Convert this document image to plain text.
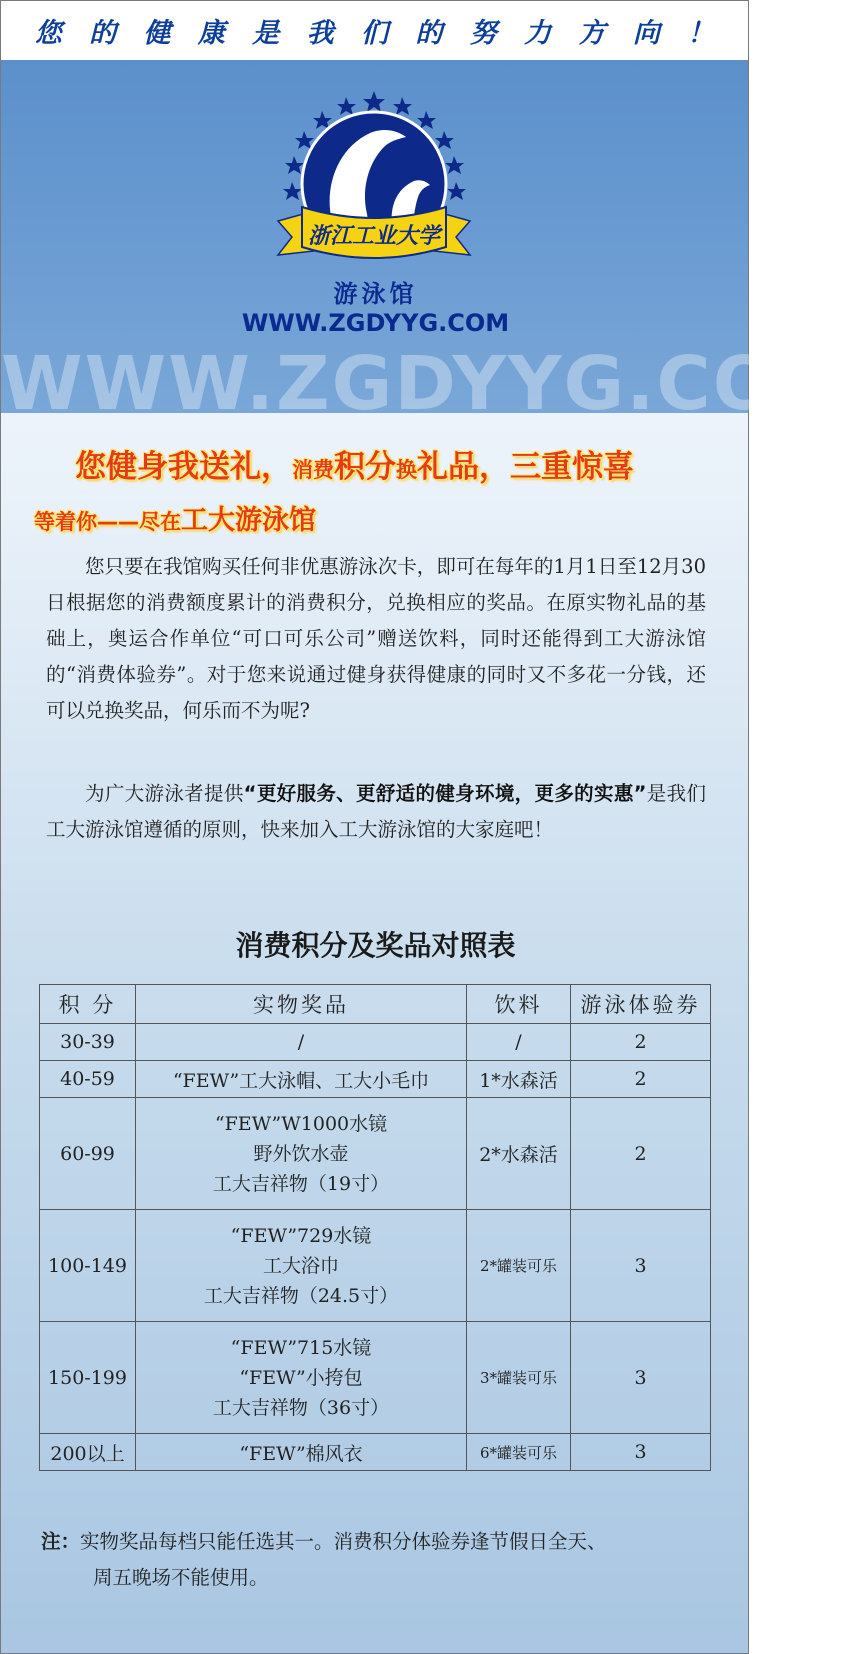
您 的 健 康 是 我 们 的 努 力 方 向 ！
浙江工业大学
游泳馆
WWW.ZGDYYG.COM
WWW.ZGDYYG.COM
您健身我送礼，消费积分换礼品，三重惊喜
等着你——尽在工大游泳馆
您只要在我馆购买任何非优惠游泳次卡，即可在每年的1月1日至12月30日根据您的消费额度累计的消费积分，兑换相应的奖品。在原实物礼品的基础上，奥运合作单位“可口可乐公司”赠送饮料，同时还能得到工大游泳馆的“消费体验券”。对于您来说通过健身获得健康的同时又不多花一分钱，还可以兑换奖品，何乐而不为呢?
为广大游泳者提供“更好服务、更舒适的健身环境，更多的实惠”是我们工大游泳馆遵循的原则，快来加入工大游泳馆的大家庭吧！
消费积分及奖品对照表
积 分	实物奖品	饮料	游泳体验券
30-39	/	/	2
40-59	“FEW”工大泳帽、工大小毛巾	1*水森活	2
60-99	“FEW”W1000水镜
野外饮水壶
工大吉祥物（19寸）	2*水森活	2
100-149	“FEW”729水镜
工大浴巾
工大吉祥物（24.5寸）	2*罐装可乐	3
150-199	“FEW”715水镜
“FEW”小挎包
工大吉祥物（36寸）	3*罐装可乐	3
200以上	“FEW”棉风衣	6*罐装可乐	3
注：实物奖品每档只能任选其一。消费积分体验券逢节假日全天、
周五晚场不能使用。
